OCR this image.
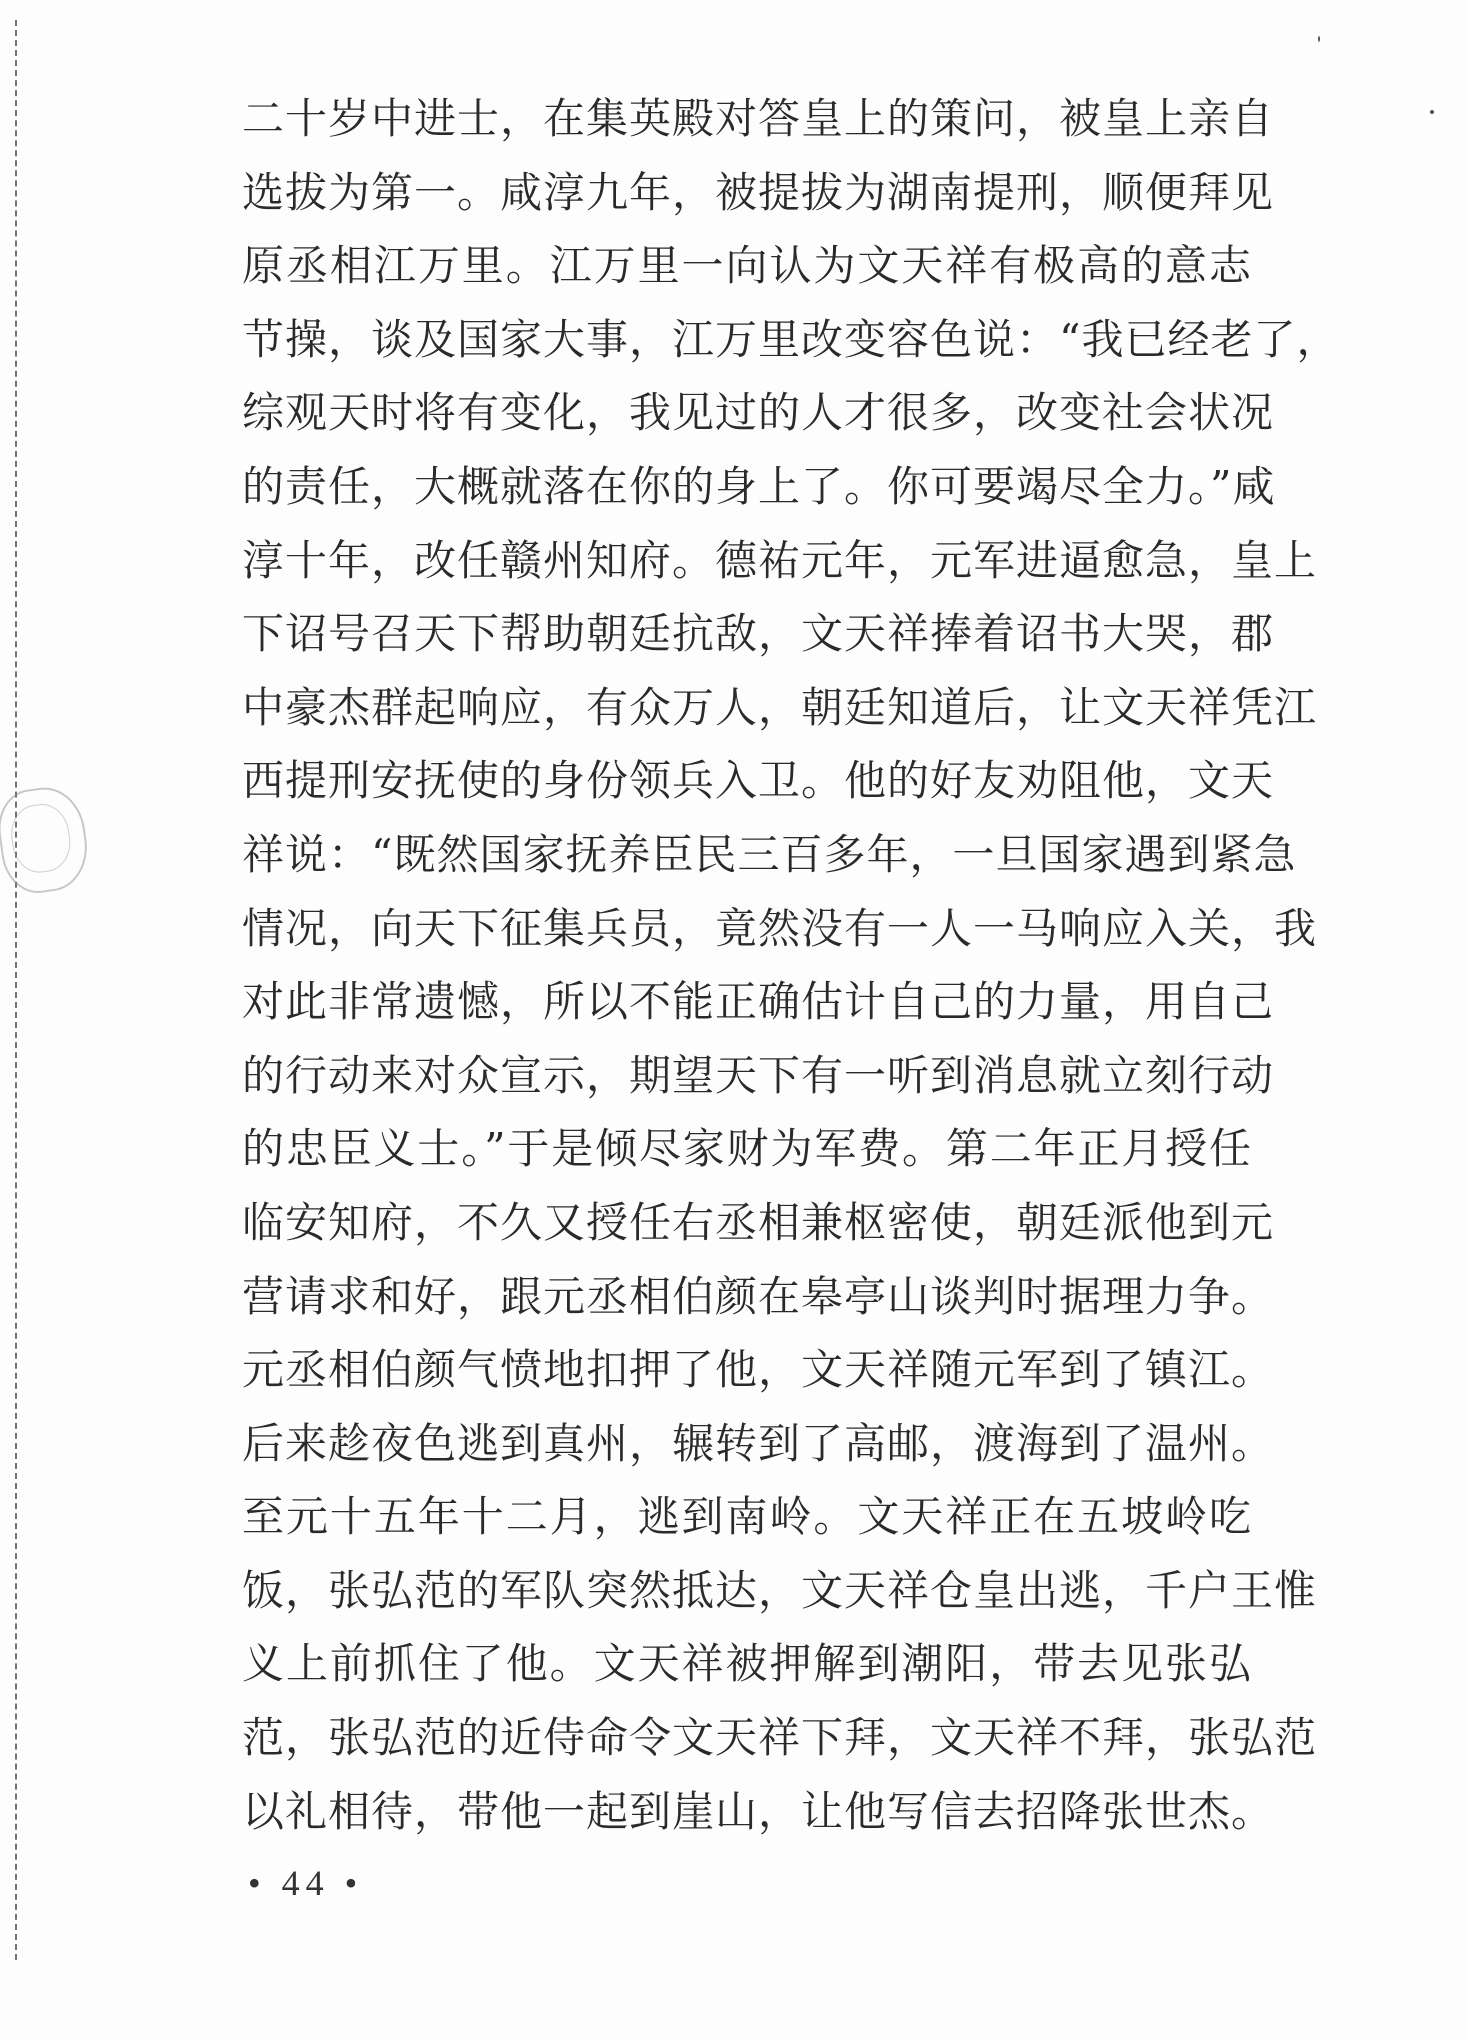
二十岁中进士，在集英殿对答皇上的策问，被皇上亲自
选拔为第一。咸淳九年，被提拔为湖南提刑，顺便拜见
原丞相江万里。江万里一向认为文天祥有极高的意志
节操，谈及国家大事，江万里改变容色说：“我已经老了，
综观天时将有变化，我见过的人才很多，改变社会状况
的责任，大概就落在你的身上了。你可要竭尽全力。”咸
淳十年，改任赣州知府。德祐元年，元军进逼愈急，皇上
下诏号召天下帮助朝廷抗敌，文天祥捧着诏书大哭，郡
中豪杰群起响应，有众万人，朝廷知道后，让文天祥凭江
西提刑安抚使的身份领兵入卫。他的好友劝阻他，文天
祥说：“既然国家抚养臣民三百多年，一旦国家遇到紧急
情况，向天下征集兵员，竟然没有一人一马响应入关，我
对此非常遗憾，所以不能正确估计自己的力量，用自己
的行动来对众宣示，期望天下有一听到消息就立刻行动
的忠臣义士。”于是倾尽家财为军费。第二年正月授任
临安知府，不久又授任右丞相兼枢密使，朝廷派他到元
营请求和好，跟元丞相伯颜在皋亭山谈判时据理力争。
元丞相伯颜气愤地扣押了他，文天祥随元军到了镇江。
后来趁夜色逃到真州，辗转到了高邮，渡海到了温州。
至元十五年十二月，逃到南岭。文天祥正在五坡岭吃
饭，张弘范的军队突然抵达，文天祥仓皇出逃，千户王惟
义上前抓住了他。文天祥被押解到潮阳，带去见张弘
范，张弘范的近侍命令文天祥下拜，文天祥不拜，张弘范
以礼相待，带他一起到崖山，让他写信去招降张世杰。
• 44 •
